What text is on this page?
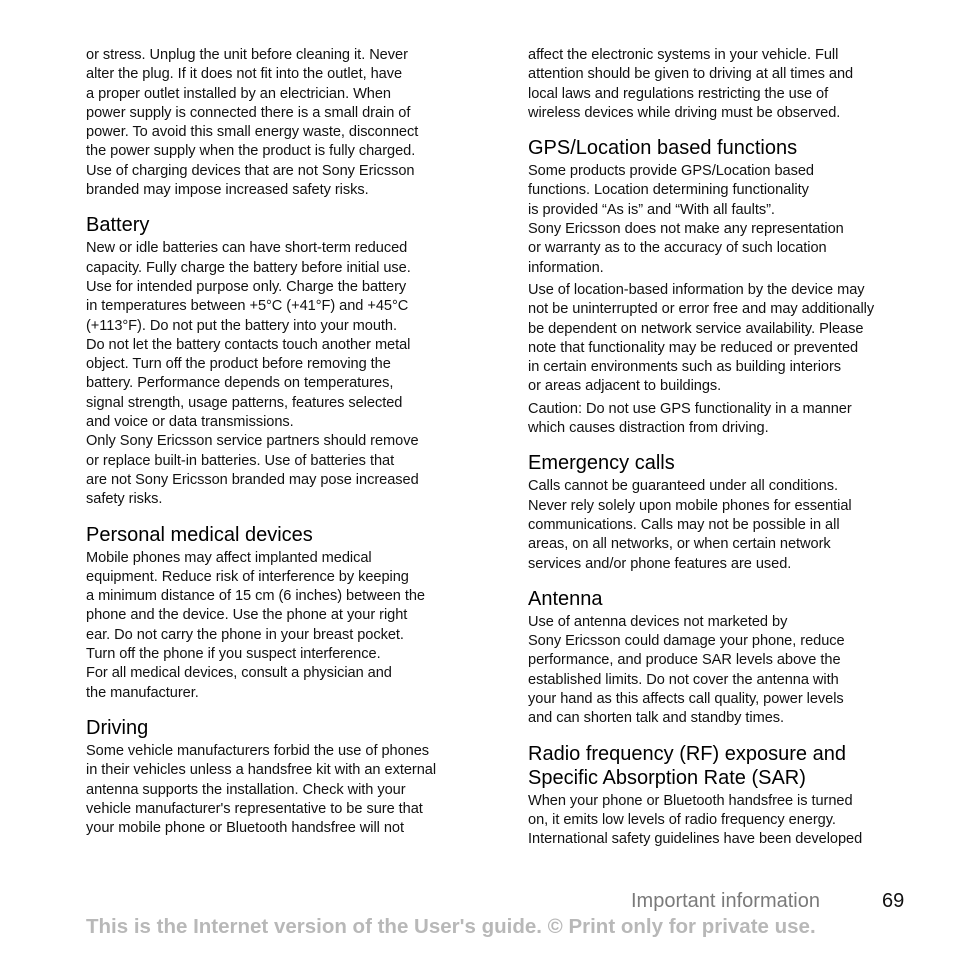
or stress. Unplug the unit before cleaning it. Never
alter the plug. If it does not fit into the outlet, have
a proper outlet installed by an electrician. When
power supply is connected there is a small drain of
power. To avoid this small energy waste, disconnect
the power supply when the product is fully charged.
Use of charging devices that are not Sony Ericsson
branded may impose increased safety risks.
Battery
New or idle batteries can have short-term reduced
capacity. Fully charge the battery before initial use.
Use for intended purpose only. Charge the battery
in temperatures between +5°C (+41°F) and +45°C
(+113°F). Do not put the battery into your mouth.
Do not let the battery contacts touch another metal
object. Turn off the product before removing the
battery. Performance depends on temperatures,
signal strength, usage patterns, features selected
and voice or data transmissions.
Only Sony Ericsson service partners should remove
or replace built-in batteries. Use of batteries that
are not Sony Ericsson branded may pose increased
safety risks.
Personal medical devices
Mobile phones may affect implanted medical
equipment. Reduce risk of interference by keeping
a minimum distance of 15 cm (6 inches) between the
phone and the device. Use the phone at your right
ear. Do not carry the phone in your breast pocket.
Turn off the phone if you suspect interference.
For all medical devices, consult a physician and
the manufacturer.
Driving
Some vehicle manufacturers forbid the use of phones
in their vehicles unless a handsfree kit with an external
antenna supports the installation. Check with your
vehicle manufacturer's representative to be sure that
your mobile phone or Bluetooth handsfree will not
affect the electronic systems in your vehicle. Full
attention should be given to driving at all times and
local laws and regulations restricting the use of
wireless devices while driving must be observed.
GPS/Location based functions
Some products provide GPS/Location based
functions. Location determining functionality
is provided “As is” and “With all faults”.
Sony Ericsson does not make any representation
or warranty as to the accuracy of such location
information.
Use of location-based information by the device may
not be uninterrupted or error free and may additionally
be dependent on network service availability. Please
note that functionality may be reduced or prevented
in certain environments such as building interiors
or areas adjacent to buildings.
Caution: Do not use GPS functionality in a manner
which causes distraction from driving.
Emergency calls
Calls cannot be guaranteed under all conditions.
Never rely solely upon mobile phones for essential
communications. Calls may not be possible in all
areas, on all networks, or when certain network
services and/or phone features are used.
Antenna
Use of antenna devices not marketed by
Sony Ericsson could damage your phone, reduce
performance, and produce SAR levels above the
established limits. Do not cover the antenna with
your hand as this affects call quality, power levels
and can shorten talk and standby times.
Radio frequency (RF) exposure and
Specific Absorption Rate (SAR)
When your phone or Bluetooth handsfree is turned
on, it emits low levels of radio frequency energy.
International safety guidelines have been developed
Important information	69
This is the Internet version of the User's guide. © Print only for private use.
